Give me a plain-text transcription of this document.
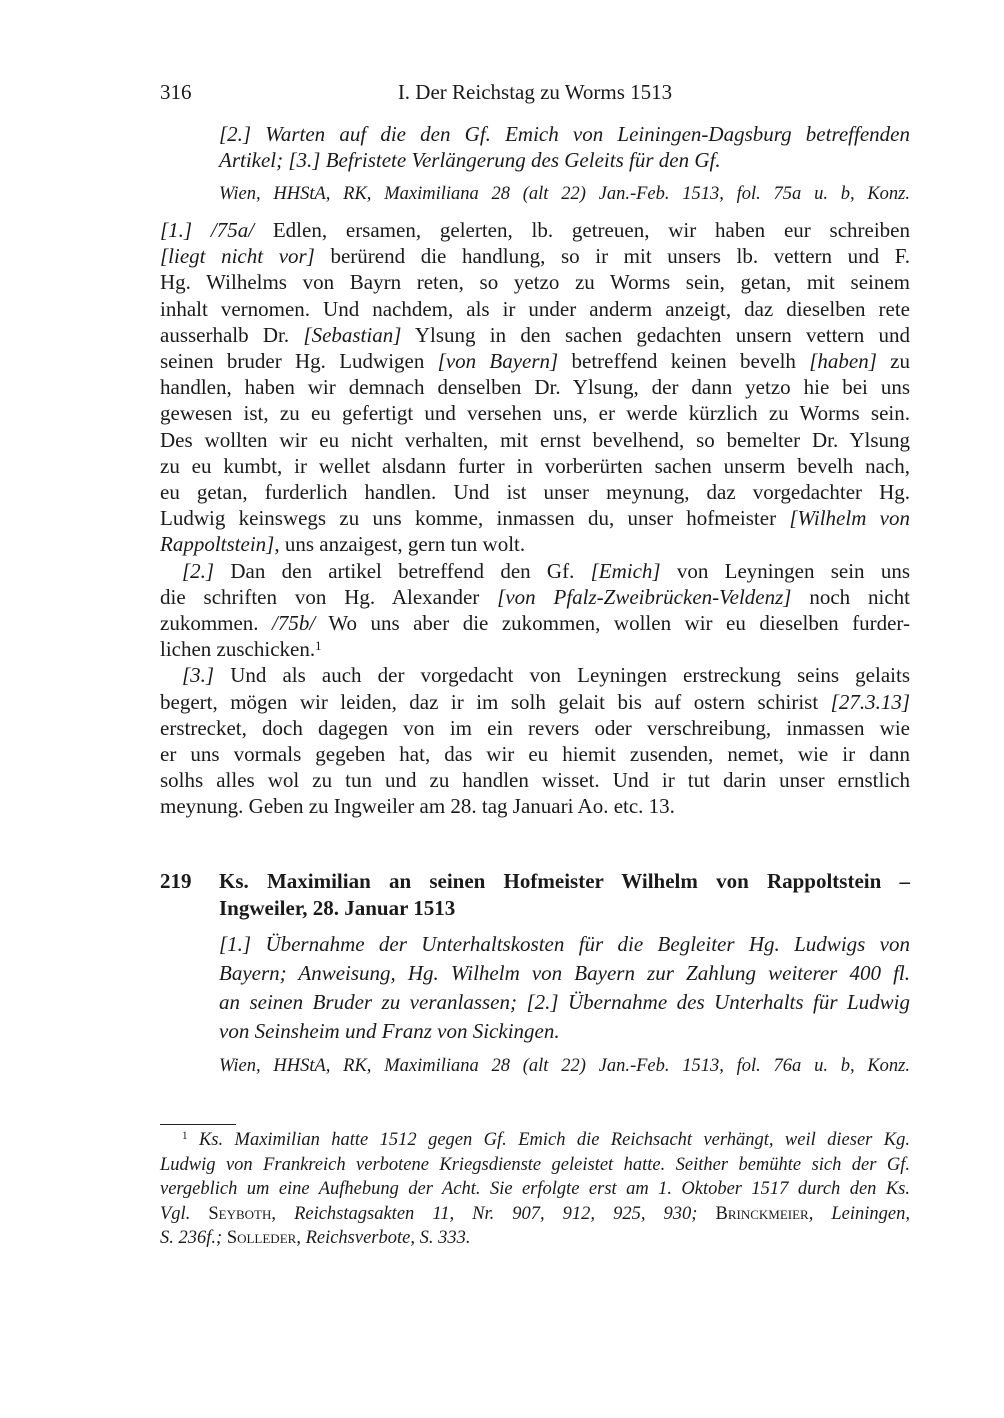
316	I. Der Reichstag zu Worms 1513
[2.] Warten auf die den Gf. Emich von Leiningen-Dagsburg betreffenden
Artikel; [3.] Befristete Verlängerung des Geleits für den Gf.
Wien, HHStA, RK, Maximiliana 28 (alt 22) Jan.-Feb. 1513, fol. 75a u. b, Konz.
[1.] /75a/ Edlen, ersamen, gelerten, lb. getreuen, wir haben eur schreiben
[liegt nicht vor] berürend die handlung, so ir mit unsers lb. vettern und F.
Hg. Wilhelms von Bayrn reten, so yetzo zu Worms sein, getan, mit seinem
inhalt vernomen. Und nachdem, als ir under anderm anzeigt, daz dieselben rete
ausserhalb Dr. [Sebastian] Ylsung in den sachen gedachten unsern vettern und
seinen bruder Hg. Ludwigen [von Bayern] betreffend keinen bevelh [haben] zu
handlen, haben wir demnach denselben Dr. Ylsung, der dann yetzo hie bei uns
gewesen ist, zu eu gefertigt und versehen uns, er werde kürzlich zu Worms sein.
Des wollten wir eu nicht verhalten, mit ernst bevelhend, so bemelter Dr. Ylsung
zu eu kumbt, ir wellet alsdann furter in vorberürten sachen unserm bevelh nach,
eu getan, furderlich handlen. Und ist unser meynung, daz vorgedachter Hg.
Ludwig keinswegs zu uns komme, inmassen du, unser hofmeister [Wilhelm von
Rappoltstein], uns anzaigest, gern tun wolt.
[2.] Dan den artikel betreffend den Gf. [Emich] von Leyningen sein uns
die schriften von Hg. Alexander [von Pfalz-Zweibrücken-Veldenz] noch nicht
zukommen. /75b/ Wo uns aber die zukommen, wollen wir eu dieselben furder-
lichen zuschicken.$^1$
[3.] Und als auch der vorgedacht von Leyningen erstreckung seins gelaits
begert, mögen wir leiden, daz ir im solh gelait bis auf ostern schirist [27.3.13]
erstrecket, doch dagegen von im ein revers oder verschreibung, inmassen wie
er uns vormals gegeben hat, das wir eu hiemit zusenden, nemet, wie ir dann
solhs alles wol zu tun und zu handlen wisset. Und ir tut darin unser ernstlich
meynung. Geben zu Ingweiler am 28. tag Januari Ao. etc. 13.
219 Ks. Maximilian an seinen Hofmeister Wilhelm von Rappoltstein –
Ingweiler, 28. Januar 1513
[1.] Übernahme der Unterhaltskosten für die Begleiter Hg. Ludwigs von
Bayern; Anweisung, Hg. Wilhelm von Bayern zur Zahlung weiterer 400 fl.
an seinen Bruder zu veranlassen; [2.] Übernahme des Unterhalts für Ludwig
von Seinsheim und Franz von Sickingen.
Wien, HHStA, RK, Maximiliana 28 (alt 22) Jan.-Feb. 1513, fol. 76a u. b, Konz.
$^1$ Ks. Maximilian hatte 1512 gegen Gf. Emich die Reichsacht verhängt, weil dieser Kg.
Ludwig von Frankreich verbotene Kriegsdienste geleistet hatte. Seither bemühte sich der Gf.
vergeblich um eine Aufhebung der Acht. Sie erfolgte erst am 1. Oktober 1517 durch den Ks.
Vgl. Seyboth, Reichstagsakten 11, Nr. 907, 912, 925, 930; Brinckmeier, Leiningen,
S. 236f.; Solleder, Reichsverbote, S. 333.
